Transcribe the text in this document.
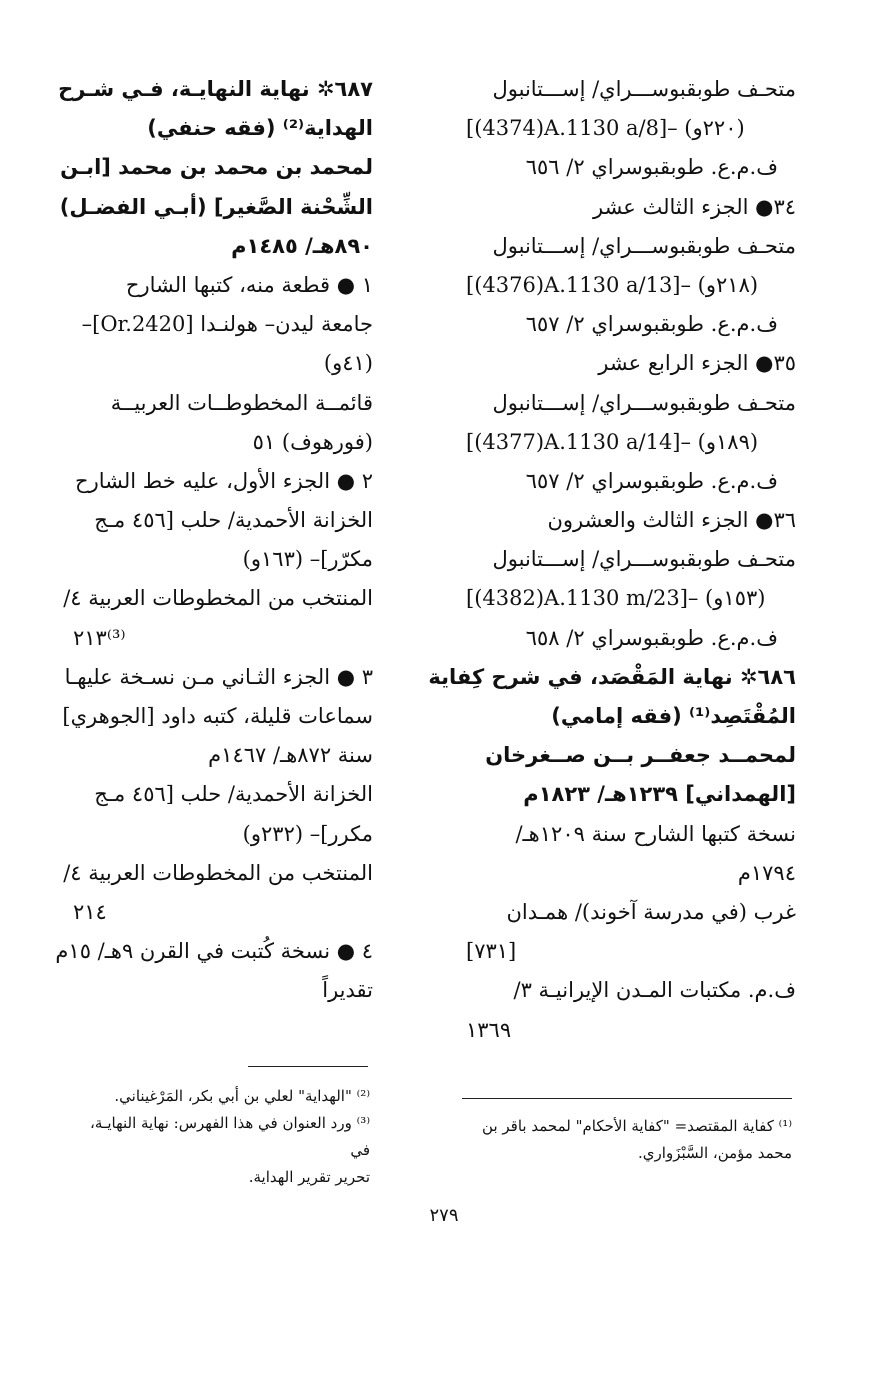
متحـف طوبقبوســـراي/ إســـتانبول
[(4374)A.1130 a/8]– (٢٢٠و)
ف.م.ع. طوبقبوسراي ٢/ ٦٥٦
٣٤● الجزء الثالث عشر
متحـف طوبقبوســـراي/ إســـتانبول
[(4376)A.1130 a/13]– (٢١٨و)
ف.م.ع. طوبقبوسراي ٢/ ٦٥٧
٣٥● الجزء الرابع عشر
متحـف طوبقبوســـراي/ إســـتانبول
[(4377)A.1130 a/14]– (١٨٩و)
ف.م.ع. طوبقبوسراي ٢/ ٦٥٧
٣٦● الجزء الثالث والعشرون
متحـف طوبقبوســـراي/ إســـتانبول
[(4382)A.1130 m/23]– (١٥٣و)
ف.م.ع. طوبقبوسراي ٢/ ٦٥٨
٦٨٦✲ نهاية المَقْصَد، في شرح كِفاية
المُقْتَصِد⁽¹⁾ (فقه إمامي)
لمحمــد جعفــر بــن صــغرخان
[الهمداني] ١٢٣٩هـ/ ١٨٢٣م
نسخة كتبها الشارح سنة ١٢٠٩هـ/
١٧٩٤م
غرب (في مدرسة آخوند)/ همـدان
[٧٣١]
ف.م. مكتبات المـدن الإيرانيـة ٣/
١٣٦٩
٦٨٧✲ نهاية النهايـة، فـي شـرح
الهداية⁽²⁾ (فقه حنفي)
لمحمد بن محمد بن محمد [ابـن
الشِّحْنة الصَّغير] (أبـي الفضـل)
٨٩٠هـ/ ١٤٨٥م
١ ● قطعة منه، كتبها الشارح
جامعة ليدن– هولنـدا [Or.2420]–
(٤١و)
قائمــة المخطوطــات العربيــة
(فورهوف) ٥١
٢ ● الجزء الأول، عليه خط الشارح
الخزانة الأحمدية/ حلب [٤٥٦ مـج
مكرّر]– (١٦٣و)
المنتخب من المخطوطات العربية ٤/
٢١٣⁽³⁾
٣ ● الجزء الثـاني مـن نسـخة عليهـا
سماعات قليلة، كتبه داود [الجوهري]
سنة ٨٧٢هـ/ ١٤٦٧م
الخزانة الأحمدية/ حلب [٤٥٦ مـج
مكرر]– (٢٣٢و)
المنتخب من المخطوطات العربية ٤/
٢١٤
٤ ● نسخة كُتبت في القرن ٩هـ/ ١٥م
تقديراً
⁽¹⁾ كفاية المقتصد= "كفاية الأحكام" لمحمد باقر بن
محمد مؤمن، السَّبْزَواري.
⁽²⁾ "الهداية" لعلي بن أبي بكر، المَرْغيناني.
⁽³⁾ ورد العنوان في هذا الفهرس: نهاية النهايـة، في
تحرير تقرير الهداية.
٢٧٩
